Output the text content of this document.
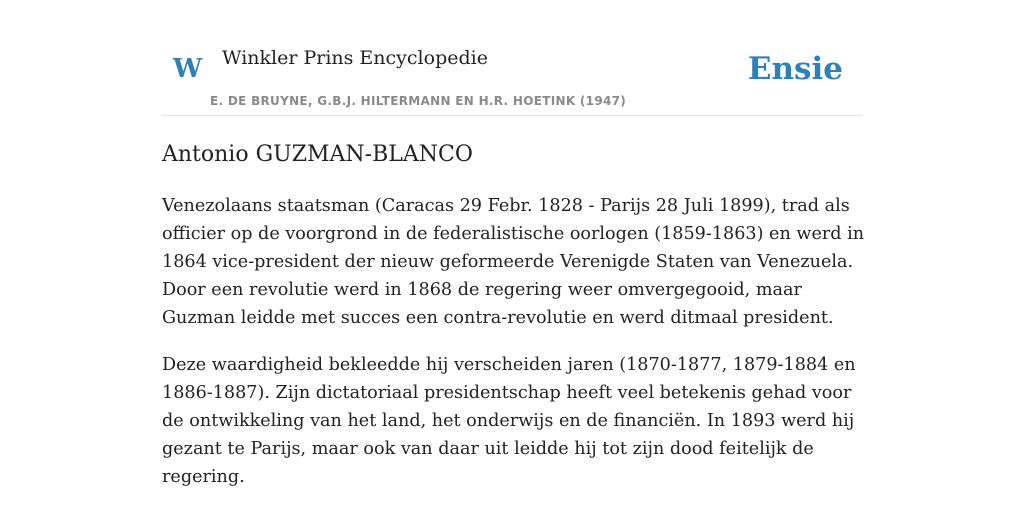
W Winkler Prins Encyclopedie	Ensie
E. DE BRUYNE, G.B.J. HILTERMANN EN H.R. HOETINK (1947)
Antonio GUZMAN-BLANCO

Venezolaans staatsman (Caracas 29 Febr. 1828 - Parijs 28 Juli 1899), trad als officier op de voorgrond in de federalistische oorlogen (1859-1863) en werd in 1864 vice-president der nieuw geformeerde Verenigde Staten van Venezuela. Door een revolutie werd in 1868 de regering weer omvergegooid, maar Guzman leidde met succes een contra-revolutie en werd ditmaal president.

Deze waardigheid bekleedde hij verscheiden jaren (1870-1877, 1879-1884 en 1886-1887). Zijn dictatoriaal presidentschap heeft veel betekenis gehad voor de ontwikkeling van het land, het onderwijs en de financiën. In 1893 werd hij gezant te Parijs, maar ook van daar uit leidde hij tot zijn dood feitelijk de regering.
